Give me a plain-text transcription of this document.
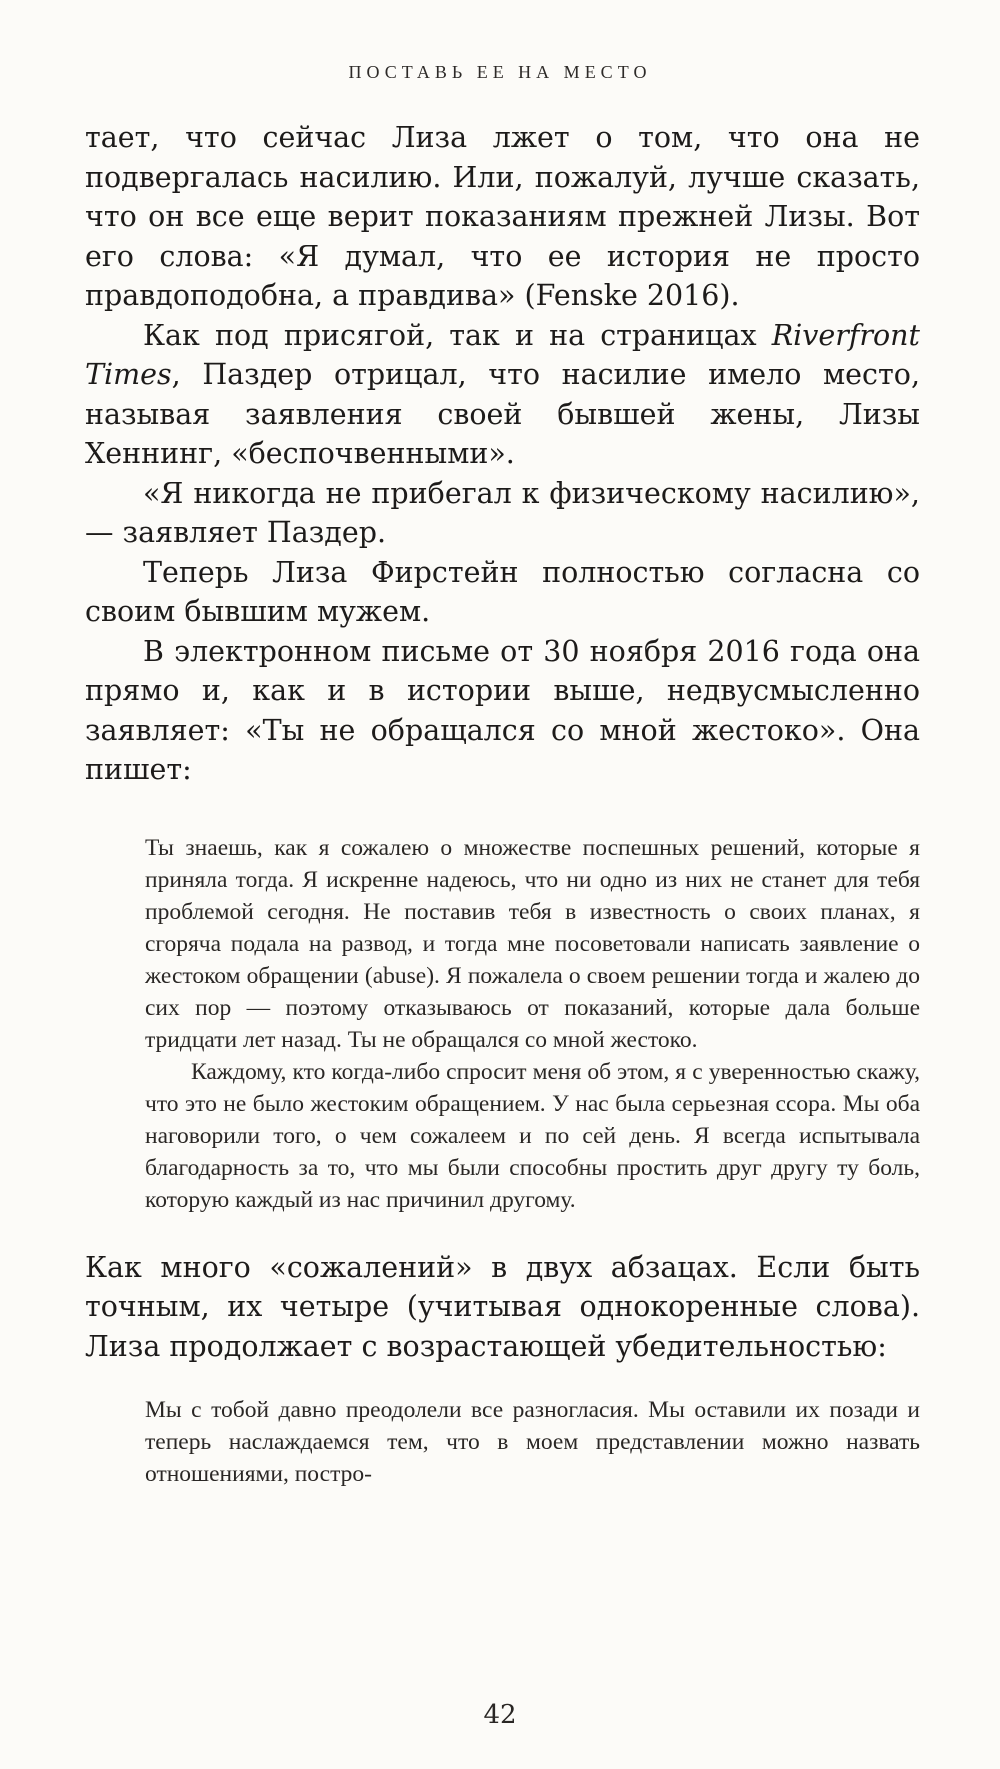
ПОСТАВЬ ЕЕ НА МЕСТО

тает, что сейчас Лиза лжет о том, что она не подвергалась насилию. Или, пожалуй, лучше сказать, что он все еще верит показаниям прежней Лизы. Вот его слова: «Я думал, что ее история не просто правдоподобна, а правдива» (Fenske 2016).

Как под присягой, так и на страницах Riverfront Times, Паздер отрицал, что насилие имело место, называя заявления своей бывшей жены, Лизы Хеннинг, «беспочвенными».

«Я никогда не прибегал к физическому насилию»,— заявляет Паздер.

Теперь Лиза Фирстейн полностью согласна со своим бывшим мужем.

В электронном письме от 30 ноября 2016 года она прямо и, как и в истории выше, недвусмысленно заявляет: «Ты не обращался со мной жестоко». Она пишет:

Ты знаешь, как я сожалею о множестве поспешных решений, которые я приняла тогда. Я искренне надеюсь, что ни одно из них не станет для тебя проблемой сегодня. Не поставив тебя в известность о своих планах, я сгоряча подала на развод, и тогда мне посоветовали написать заявление о жестоком обращении (abuse). Я пожалела о своем решении тогда и жалею до сих пор — поэтому отказываюсь от показаний, которые дала больше тридцати лет назад. Ты не обращался со мной жестоко.

Каждому, кто когда-либо спросит меня об этом, я с уверенностью скажу, что это не было жестоким обращением. У нас была серьезная ссора. Мы оба наговорили того, о чем сожалеем и по сей день. Я всегда испытывала благодарность за то, что мы были способны простить друг другу ту боль, которую каждый из нас причинил другому.

Как много «сожалений» в двух абзацах. Если быть точным, их четыре (учитывая однокоренные слова). Лиза продолжает с возрастающей убедительностью:

Мы с тобой давно преодолели все разногласия. Мы оставили их позади и теперь наслаждаемся тем, что в моем представлении можно назвать отношениями, постро-

42
